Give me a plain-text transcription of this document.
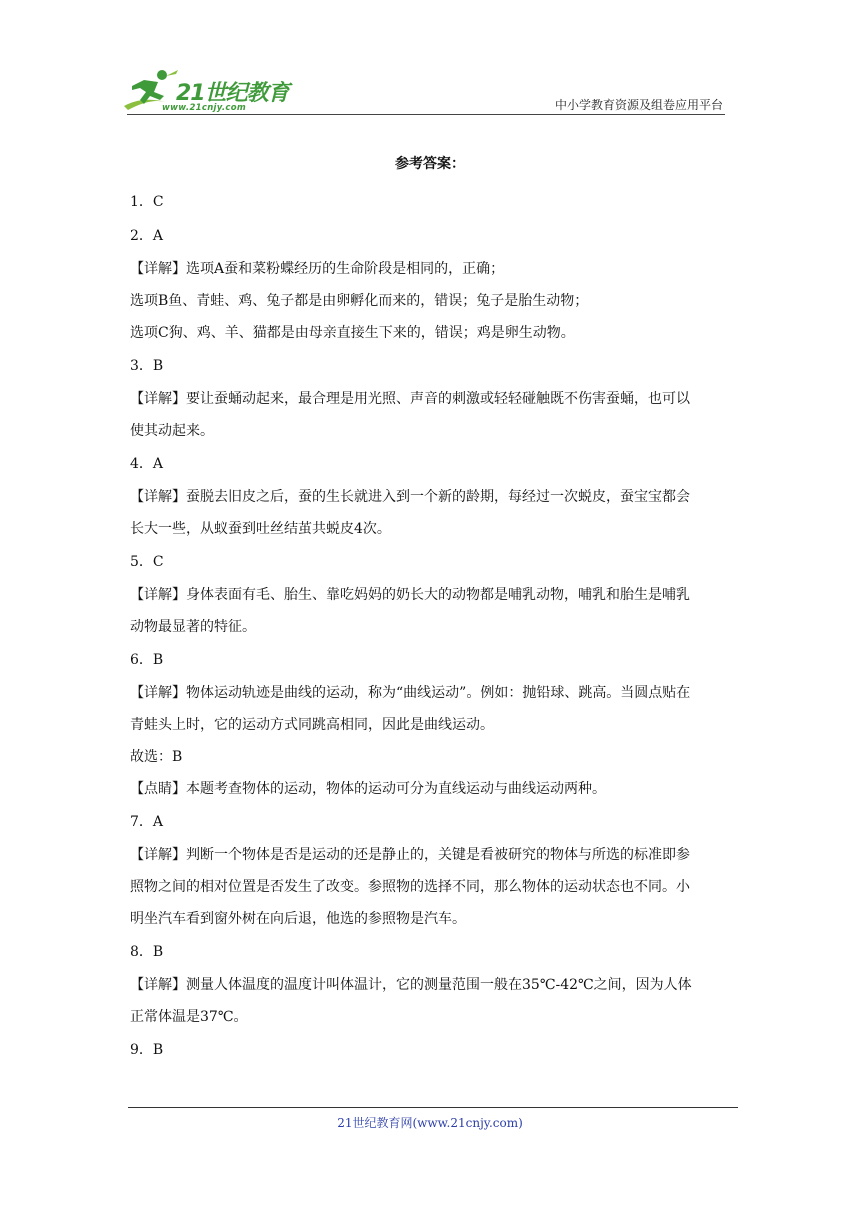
21世纪教育
www.21cnjy.com	中小学教育资源及组卷应用平台
参考答案：

1．C

2．A

【详解】选项A蚕和菜粉蝶经历的生命阶段是相同的，正确；

选项B鱼、青蛙、鸡、兔子都是由卵孵化而来的，错误；兔子是胎生动物；

选项C狗、鸡、羊、猫都是由母亲直接生下来的，错误；鸡是卵生动物。

3．B

【详解】要让蚕蛹动起来，最合理是用光照、声音的刺激或轻轻碰触既不伤害蚕蛹，也可以

使其动起来。

4．A

【详解】蚕脱去旧皮之后，蚕的生长就进入到一个新的龄期，每经过一次蜕皮，蚕宝宝都会

长大一些，从蚁蚕到吐丝结茧共蜕皮4次。

5．C

【详解】身体表面有毛、胎生、靠吃妈妈的奶长大的动物都是哺乳动物，哺乳和胎生是哺乳

动物最显著的特征。

6．B

【详解】物体运动轨迹是曲线的运动，称为“曲线运动”。例如：抛铅球、跳高。当圆点贴在

青蛙头上时，它的运动方式同跳高相同，因此是曲线运动。

故选：B

【点睛】本题考查物体的运动，物体的运动可分为直线运动与曲线运动两种。

7．A

【详解】判断一个物体是否是运动的还是静止的，关键是看被研究的物体与所选的标准即参

照物之间的相对位置是否发生了改变。参照物的选择不同，那么物体的运动状态也不同。小

明坐汽车看到窗外树在向后退，他选的参照物是汽车。

8．B

【详解】测量人体温度的温度计叫体温计，它的测量范围一般在35℃-42℃之间，因为人体

正常体温是37℃。

9．B

21世纪教育网(www.21cnjy.com)
